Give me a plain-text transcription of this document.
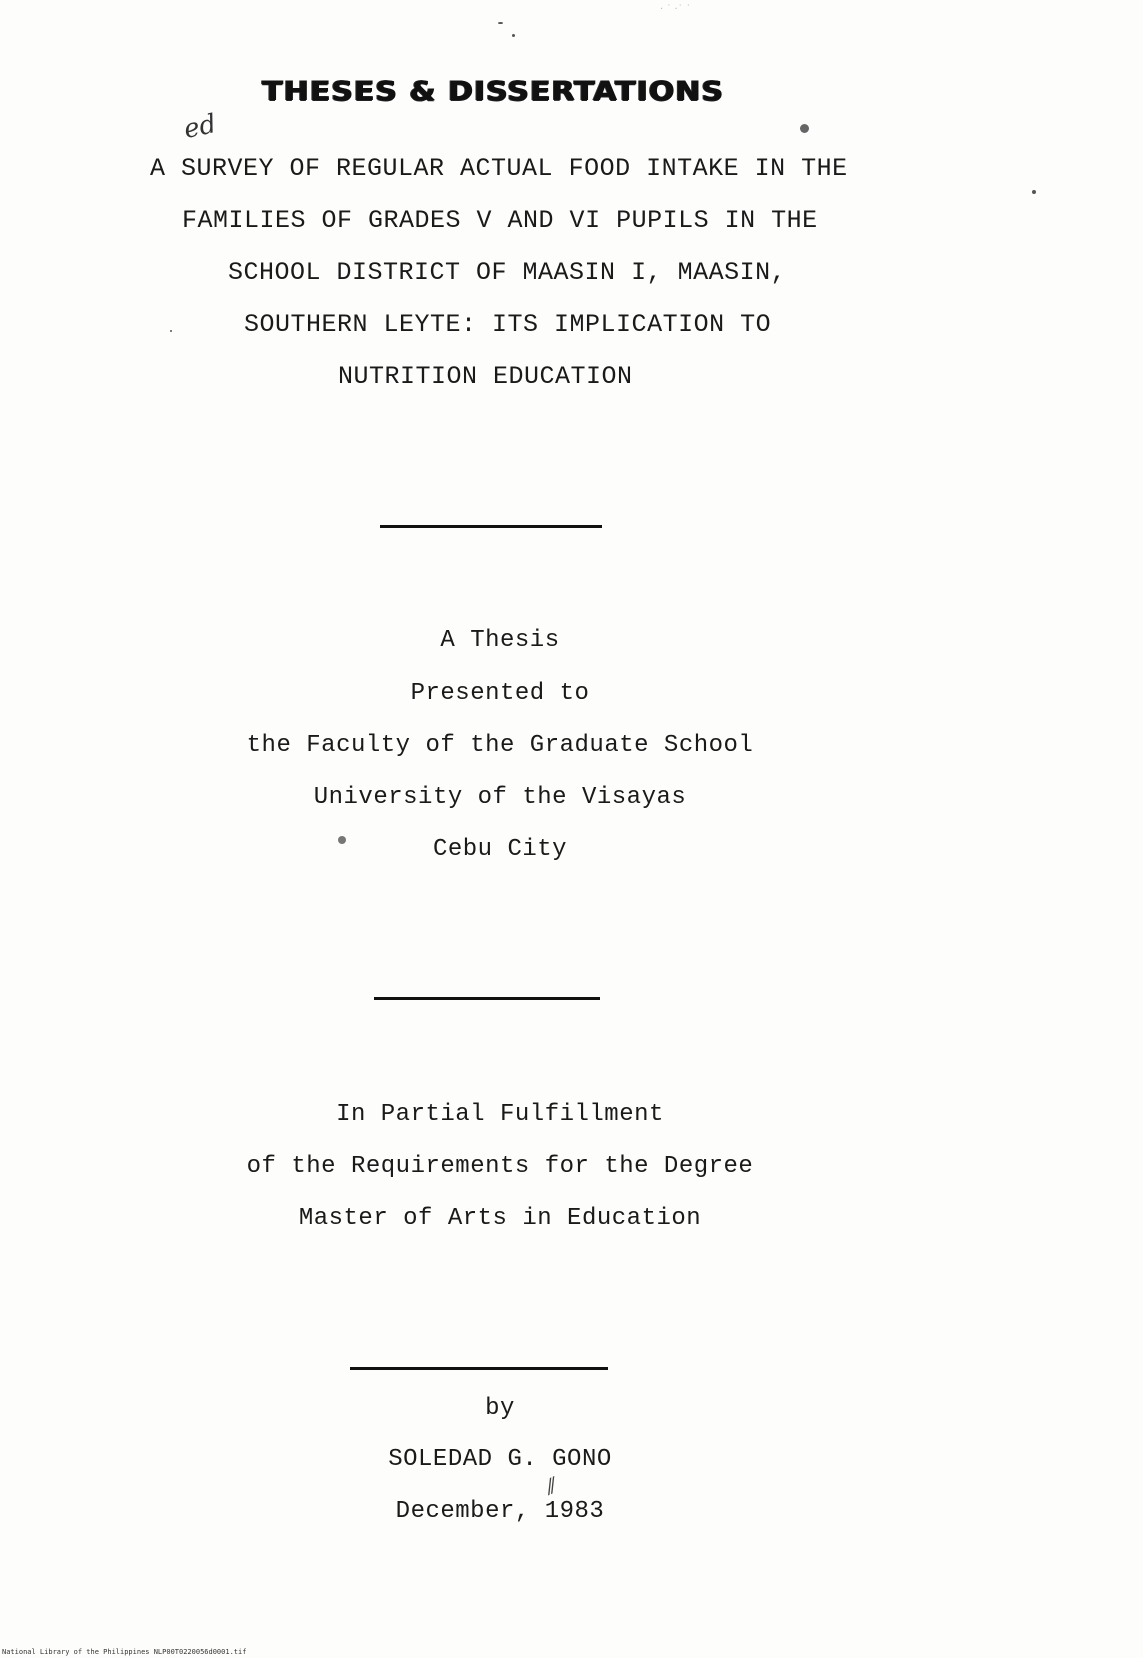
· ˙ ·˙ ˙
THESES & DISSERTATIONS
ed
A SURVEY OF REGULAR ACTUAL FOOD INTAKE IN THE
FAMILIES OF GRADES V AND VI PUPILS IN THE
SCHOOL DISTRICT OF MAASIN I, MAASIN,
SOUTHERN LEYTE: ITS IMPLICATION TO
NUTRITION EDUCATION
A Thesis
Presented to
the Faculty of the Graduate School
University of the Visayas
Cebu City
In Partial Fulfillment
of the Requirements for the Degree
Master of Arts in Education
by
SOLEDAD G. GONO
⁄⁄
December, 1983
National Library of the Philippines NLP00T0220056d0001.tif
